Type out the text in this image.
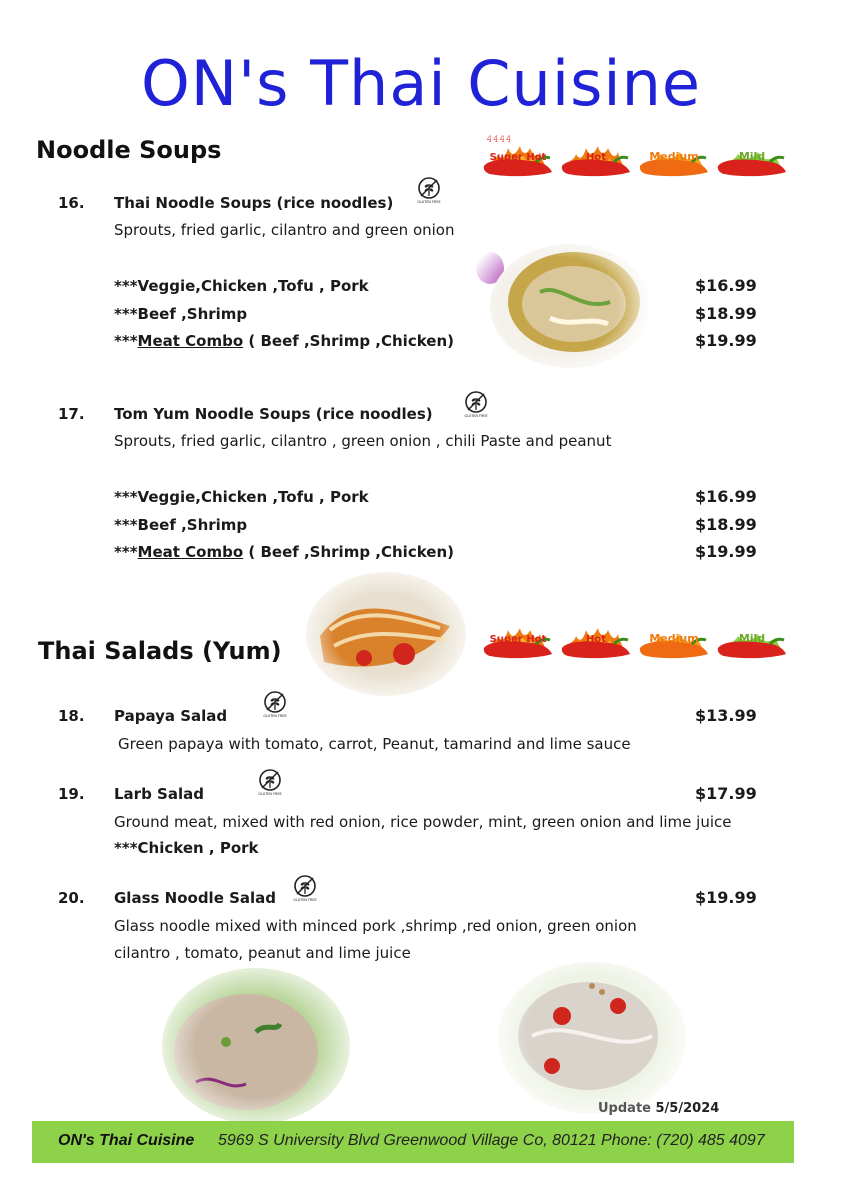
ON's Thai Cuisine
Noodle Soups	𝟺𝟺𝟺𝟺
Super Hot	Hot	Medium	Mild
16. Thai Noodle Soups (rice noodles)
Sprouts, fried garlic, cilantro and green onion
***Veggie,Chicken ,Tofu , Pork	$16.99
***Beef ,Shrimp	$18.99
***Meat Combo ( Beef ,Shrimp ,Chicken)	$19.99
17. Tom Yum Noodle Soups (rice noodles)
Sprouts, fried garlic, cilantro , green onion , chili Paste and peanut
***Veggie,Chicken ,Tofu , Pork	$16.99
***Beef ,Shrimp	$18.99
***Meat Combo ( Beef ,Shrimp ,Chicken)	$19.99
Thai Salads (Yum)	Super Hot	Hot	Medium	Mild
18. Papaya Salad	$13.99
Green papaya with tomato, carrot, Peanut, tamarind and lime sauce
19. Larb Salad	$17.99
Ground meat, mixed with red onion, rice powder, mint, green onion and lime juice
***Chicken , Pork
20. Glass Noodle Salad	$19.99
Glass noodle mixed with minced pork ,shrimp ,red onion, green onion
cilantro , tomato, peanut and lime juice
Update 5/5/2024
ON's Thai Cuisine 5969 S University Blvd Greenwood Village Co, 80121 Phone: (720) 485 4097
